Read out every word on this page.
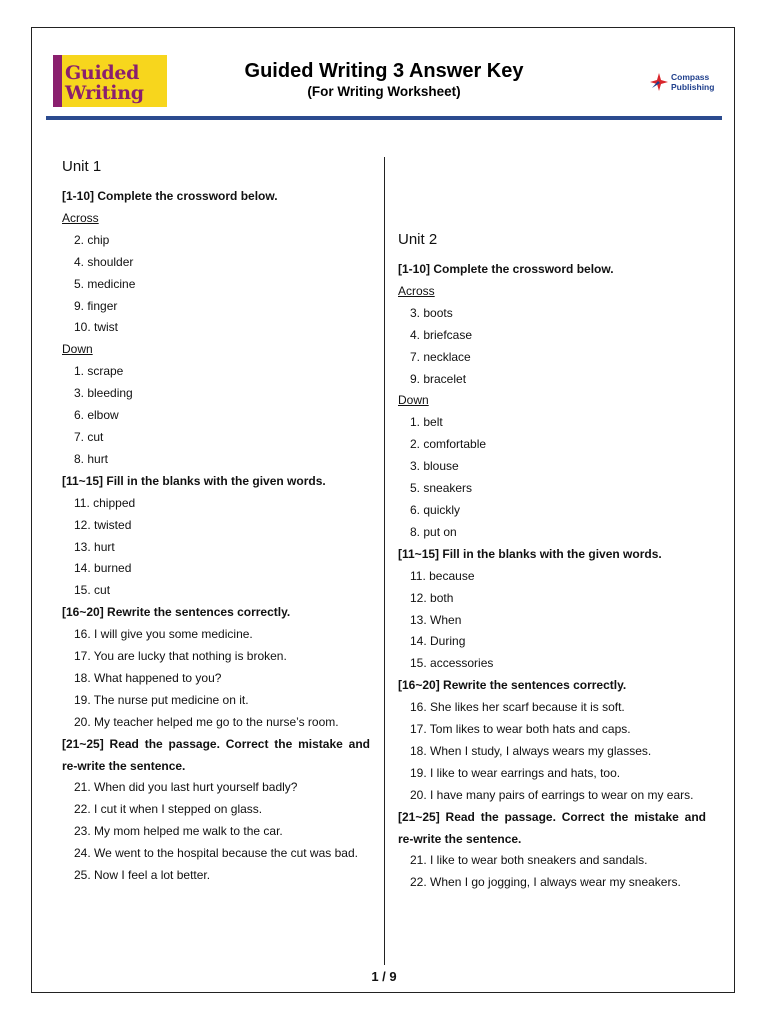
Guided
Writing
Guided Writing 3 Answer Key
(For Writing Worksheet)
Compass
Publishing
Unit 1
[1-10] Complete the crossword below.
Across
2. chip
4. shoulder
5. medicine
9. finger
10. twist
Down
1. scrape
3. bleeding
6. elbow
7. cut
8. hurt
[11~15] Fill in the blanks with the given words.
11. chipped
12. twisted
13. hurt
14. burned
15. cut
[16~20] Rewrite the sentences correctly.
16. I will give you some medicine.
17. You are lucky that nothing is broken.
18. What happened to you?
19. The nurse put medicine on it.
20. My teacher helped me go to the nurse’s room.
[21~25] Read the passage. Correct the mistake and re-write the sentence.
21. When did you last hurt yourself badly?
22. I cut it when I stepped on glass.
23. My mom helped me walk to the car.
24. We went to the hospital because the cut was bad.
25. Now I feel a lot better.
Unit 2
[1-10] Complete the crossword below.
Across
3. boots
4. briefcase
7. necklace
9. bracelet
Down
1. belt
2. comfortable
3. blouse
5. sneakers
6. quickly
8. put on
[11~15] Fill in the blanks with the given words.
11. because
12. both
13. When
14. During
15. accessories
[16~20] Rewrite the sentences correctly.
16. She likes her scarf because it is soft.
17. Tom likes to wear both hats and caps.
18. When I study, I always wears my glasses.
19. I like to wear earrings and hats, too.
20. I have many pairs of earrings to wear on my ears.
[21~25] Read the passage. Correct the mistake and re-write the sentence.
21. I like to wear both sneakers and sandals.
22. When I go jogging, I always wear my sneakers.
1 / 9
